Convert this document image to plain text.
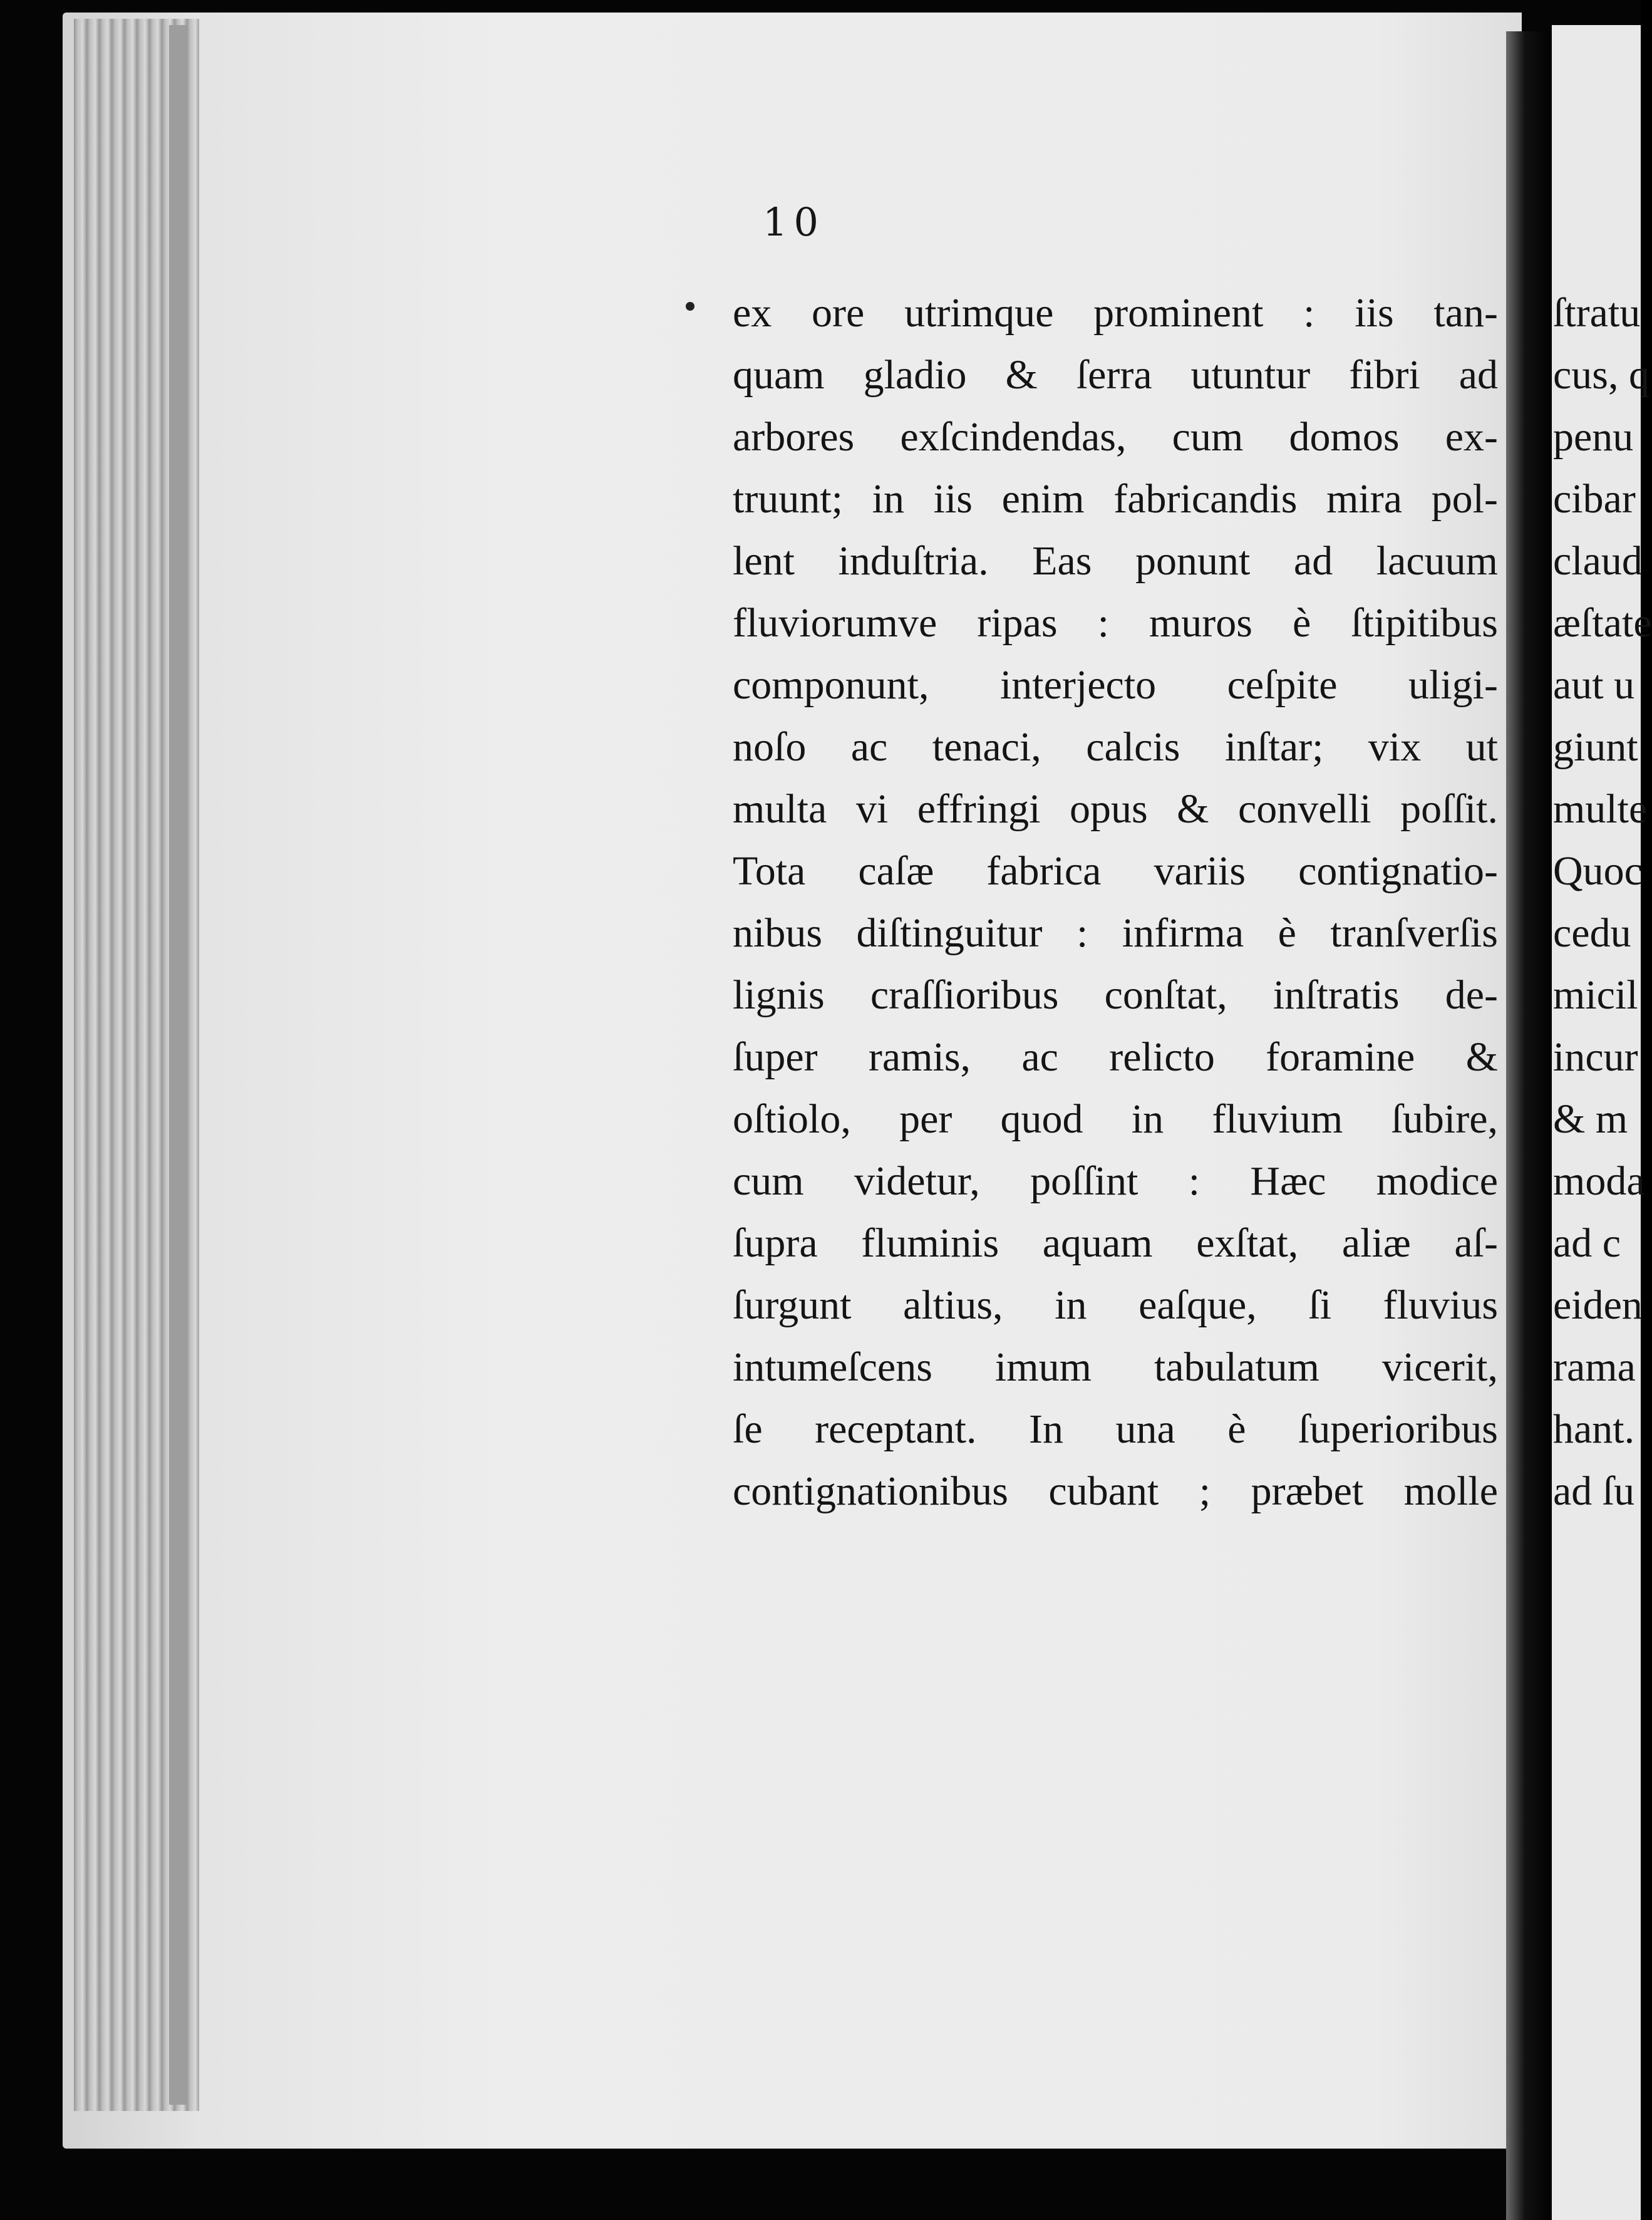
10
ex ore utrimque prominent : iis tan-
quam gladio & ſerra utuntur fibri ad
arbores exſcindendas, cum domos ex-
truunt; in iis enim fabricandis mira pol-
lent induſtria. Eas ponunt ad lacuum
fluviorumve ripas : muros è ſtipitibus
componunt, interjecto ceſpite uligi-
noſo ac tenaci, calcis inſtar; vix ut
multa vi effringi opus & convelli poſſit.
Tota caſæ fabrica variis contignatio-
nibus diſtinguitur : infirma è tranſverſis
lignis craſſioribus conſtat, inſtratis de-
ſuper ramis, ac relicto foramine &
oſtiolo, per quod in fluvium ſubire,
cum videtur, poſſint : Hæc modice
ſupra fluminis aquam exſtat, aliæ aſ-
ſurgunt altius, in eaſque, ſi fluvius
intumeſcens imum tabulatum vicerit,
ſe receptant. In una è ſuperioribus
contignationibus cubant ; præbet molle
ſtratu
cus, q
penu
cibar
claud
æſtate
aut u
giunt
multe
Quoc
cedu
micil
incur
& m
moda
ad c
eiden
rama
hant.
ad ſu
